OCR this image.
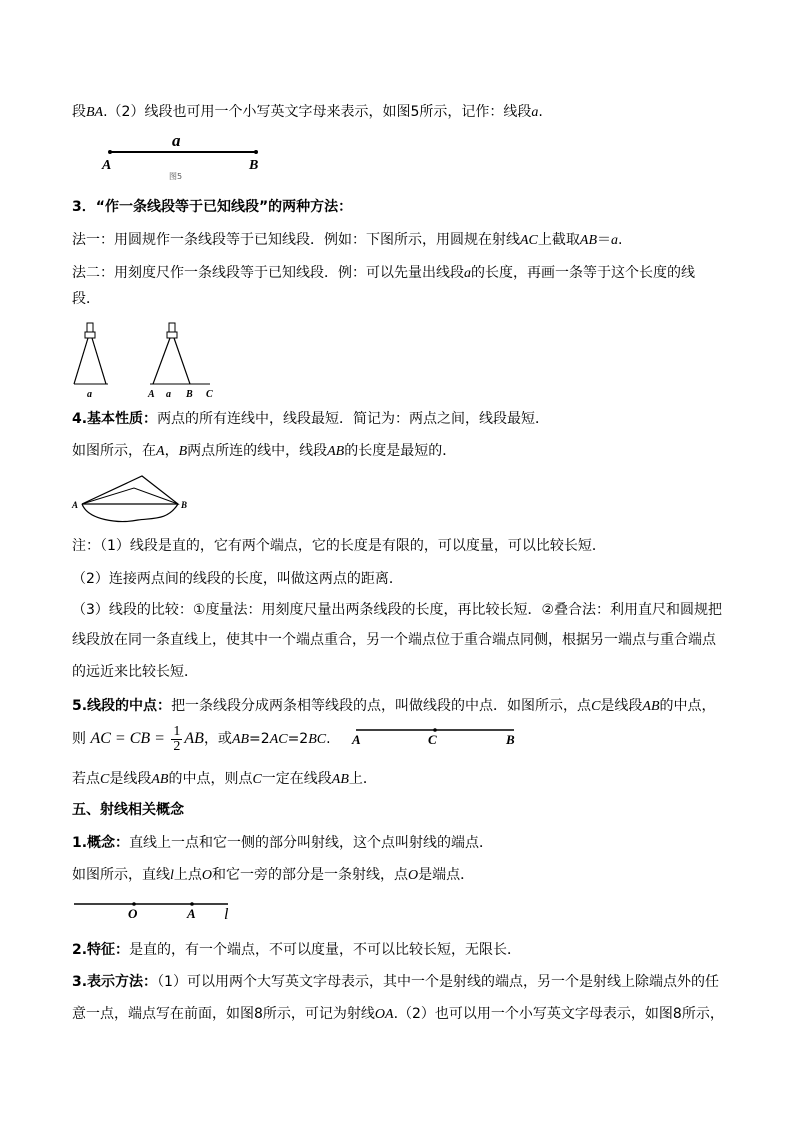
段BA.（2）线段也可用一个小写英文字母来表示，如图5所示，记作：线段a.
a
A	B
图5
3．“作一条线段等于已知线段”的两种方法：
法一：用圆规作一条线段等于已知线段．例如：下图所示，用圆规在射线AC上截取AB＝a.
法二：用刻度尺作一条线段等于已知线段．例：可以先量出线段a的长度，再画一条等于这个长度的线
段．
a	A a B C
4.基本性质：两点的所有连线中，线段最短．简记为：两点之间，线段最短．
如图所示，在A，B两点所连的线中，线段AB的长度是最短的．
A	B
注：（1）线段是直的，它有两个端点，它的长度是有限的，可以度量，可以比较长短．
（2）连接两点间的线段的长度，叫做这两点的距离．
（3）线段的比较：①度量法：用刻度尺量出两条线段的长度，再比较长短．②叠合法：利用直尺和圆规把
线段放在同一条直线上，使其中一个端点重合，另一个端点位于重合端点同侧，根据另一端点与重合端点
的远近来比较长短．
5.线段的中点：把一条线段分成两条相等线段的点，叫做线段的中点．如图所示，点C是线段AB的中点，
则 AC = CB = $\frac{1}{2}$ AB，或AB=2AC=2BC. A	C	B
若点C是线段AB的中点，则点C一定在线段AB上．
五、射线相关概念
1.概念：直线上一点和它一侧的部分叫射线，这个点叫射线的端点．
如图所示，直线l上点O和它一旁的部分是一条射线，点O是端点．
O	A l
2.特征：是直的，有一个端点，不可以度量，不可以比较长短，无限长．
3.表示方法：（1）可以用两个大写英文字母表示，其中一个是射线的端点，另一个是射线上除端点外的任
意一点，端点写在前面，如图8所示，可记为射线OA.（2）也可以用一个小写英文字母表示，如图8所示，
